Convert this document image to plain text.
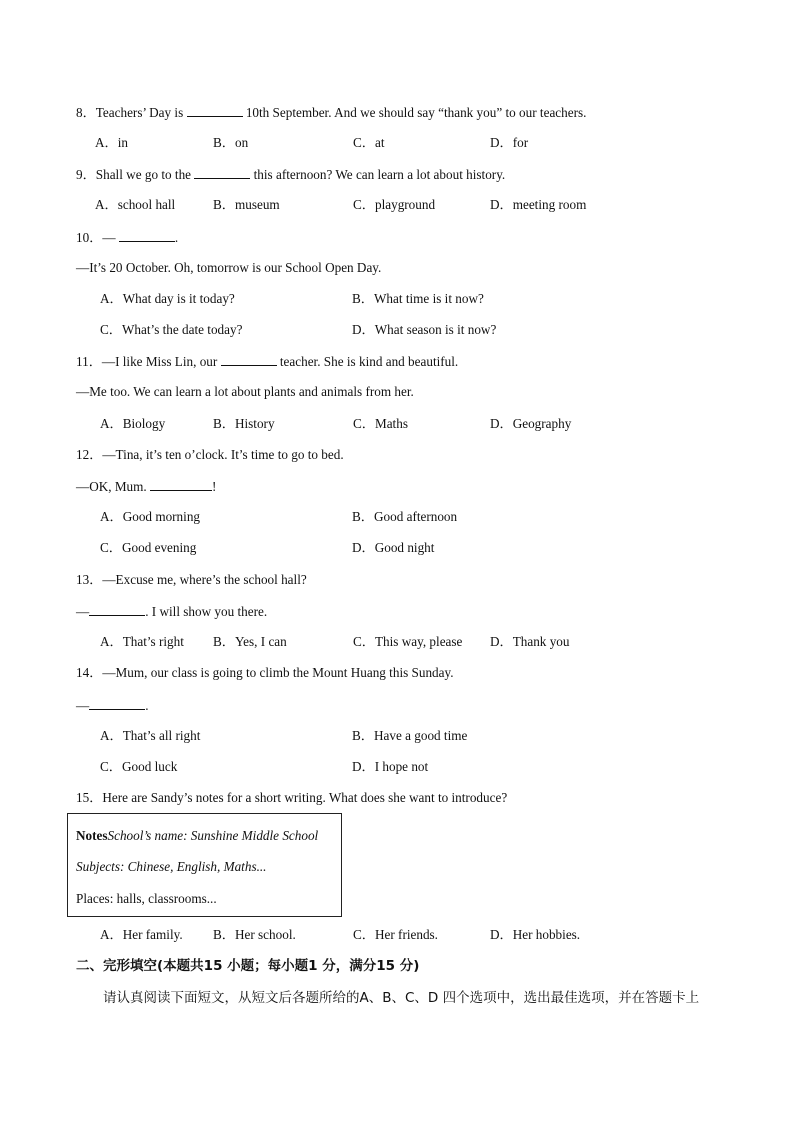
8．Teachers’ Day is	10th September. And we should say “thank you” to our teachers.
A．in	B．on	C．at	D．for
9．Shall we go to the	this afternoon? We can learn a lot about history.
A．school hall	B．museum	C．playground	D．meeting room
10．—	.
—It’s 20 October. Oh, tomorrow is our School Open Day.
A．What day is it today?	B．What time is it now?
C．What’s the date today?	D．What season is it now?
11．—I like Miss Lin, our	teacher. She is kind and beautiful.
—Me too. We can learn a lot about plants and animals from her.
A．Biology	B．History	C．Maths	D．Geography
12．—Tina, it’s ten o’clock. It’s time to go to bed.
—OK, Mum.	!
A．Good morning	B．Good afternoon
C．Good evening	D．Good night
13．—Excuse me, where’s the school hall?
—	. I will show you there.
A．That’s right B．Yes, I can	C．This way, please D．Thank you
14．—Mum, our class is going to climb the Mount Huang this Sunday.
—	.
A．That’s all right	B．Have a good time
C．Good luck	D．I hope not
15．Here are Sandy’s notes for a short writing. What does she want to introduce?
NotesSchool’s name: Sunshine Middle School
Subjects: Chinese, English, Maths...
Places: halls, classrooms...
A．Her family. B．Her school.	C．Her friends.	D．Her hobbies.
二、完形填空(本题共15 小题；每小题1 分，满分15 分)
请认真阅读下面短文，从短文后各题所给的A、B、C、D 四个选项中，选出最佳选项，并在答题卡上
